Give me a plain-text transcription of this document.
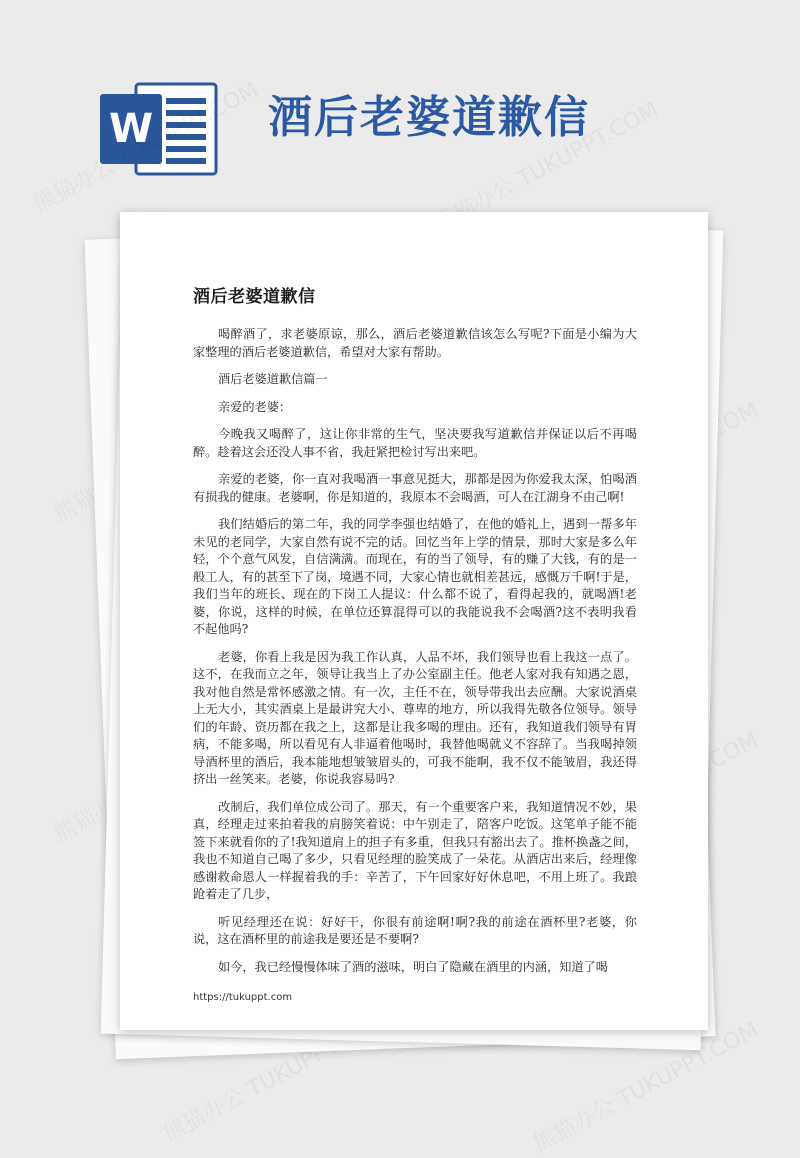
W	酒后老婆道歉信
酒后老婆道歉信

喝醉酒了，求老婆原谅，那么，酒后老婆道歉信该怎么写呢?下面是小编为大家整理的酒后老婆道歉信，希望对大家有帮助。

酒后老婆道歉信篇一

亲爱的老婆：

今晚我又喝醉了，这让你非常的生气，坚决要我写道歉信并保证以后不再喝醉。趁着这会还没人事不省，我赶紧把检讨写出来吧。

亲爱的老婆，你一直对我喝酒一事意见挺大，那都是因为你爱我太深，怕喝酒有损我的健康。老婆啊，你是知道的，我原本不会喝酒，可人在江湖身不由己啊!

我们结婚后的第二年，我的同学李强也结婚了，在他的婚礼上，遇到一帮多年未见的老同学，大家自然有说不完的话。回忆当年上学的情景，那时大家是多么年轻，个个意气风发，自信满满。而现在，有的当了领导，有的赚了大钱，有的是一般工人，有的甚至下了岗，境遇不同，大家心情也就相差甚远，感慨万千啊!于是，我们当年的班长、现在的下岗工人提议：什么都不说了，看得起我的，就喝酒!老婆，你说，这样的时候，在单位还算混得可以的我能说我不会喝酒?这不表明我看不起他吗?

老婆，你看上我是因为我工作认真，人品不坏，我们领导也看上我这一点了。这不，在我而立之年，领导让我当上了办公室副主任。他老人家对我有知遇之恩，我对他自然是常怀感激之情。有一次，主任不在，领导带我出去应酬。大家说酒桌上无大小，其实酒桌上是最讲究大小、尊卑的地方，所以我得先敬各位领导。领导们的年龄、资历都在我之上，这都是让我多喝的理由。还有，我知道我们领导有胃病，不能多喝，所以看见有人非逼着他喝时，我替他喝就义不容辞了。当我喝掉领导酒杯里的酒后，我本能地想皱皱眉头的，可我不能啊，我不仅不能皱眉，我还得挤出一丝笑来。老婆，你说我容易吗?

改制后，我们单位成公司了。那天，有一个重要客户来，我知道情况不妙，果真，经理走过来拍着我的肩膀笑着说：中午别走了，陪客户吃饭。这笔单子能不能签下来就看你的了!我知道肩上的担子有多重，但我只有豁出去了。推杯换盏之间，我也不知道自己喝了多少，只看见经理的脸笑成了一朵花。从酒店出来后，经理像感谢救命恩人一样握着我的手：辛苦了，下午回家好好休息吧，不用上班了。我踉跄着走了几步，

听见经理还在说：好好干，你很有前途啊!啊?我的前途在酒杯里?老婆，你说，这在酒杯里的前途我是要还是不要啊?

如今，我已经慢慢体味了酒的滋味，明白了隐藏在酒里的内涵，知道了喝

https://tukuppt.com
